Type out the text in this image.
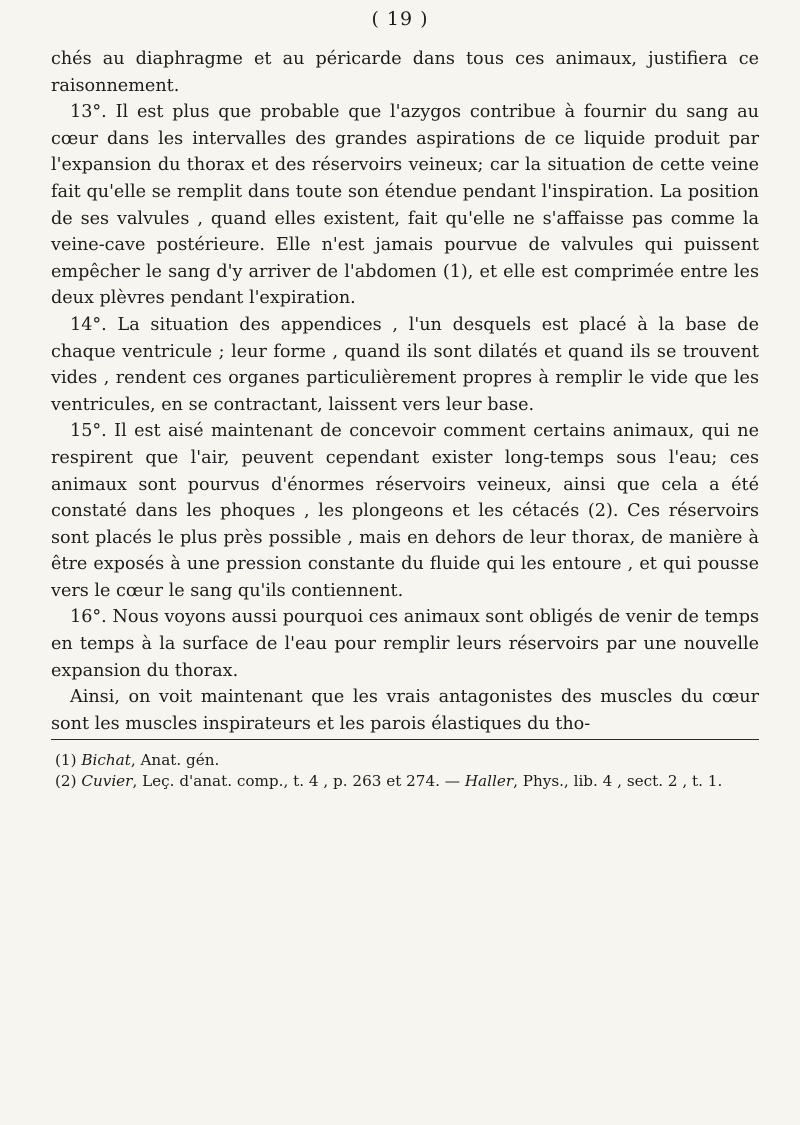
( 19 )

chés au diaphragme et au péricarde dans tous ces animaux, justifiera ce raisonnement.

13°. Il est plus que probable que l'azygos contribue à fournir du sang au cœur dans les intervalles des grandes aspirations de ce liquide produit par l'expansion du thorax et des réservoirs veineux; car la situation de cette veine fait qu'elle se remplit dans toute son étendue pendant l'inspiration. La position de ses valvules , quand elles existent, fait qu'elle ne s'affaisse pas comme la veine-cave postérieure. Elle n'est jamais pourvue de valvules qui puissent empêcher le sang d'y arriver de l'abdomen (1), et elle est comprimée entre les deux plèvres pendant l'expiration.

14°. La situation des appendices , l'un desquels est placé à la base de chaque ventricule ; leur forme , quand ils sont dilatés et quand ils se trouvent vides , rendent ces organes particulièrement propres à remplir le vide que les ventricules, en se contractant, laissent vers leur base.

15°. Il est aisé maintenant de concevoir comment certains animaux, qui ne respirent que l'air, peuvent cependant exister long-temps sous l'eau; ces animaux sont pourvus d'énormes réservoirs veineux, ainsi que cela a été constaté dans les phoques , les plongeons et les cétacés (2). Ces réservoirs sont placés le plus près possible , mais en dehors de leur thorax, de manière à être exposés à une pression constante du fluide qui les entoure , et qui pousse vers le cœur le sang qu'ils contiennent.

16°. Nous voyons aussi pourquoi ces animaux sont obligés de venir de temps en temps à la surface de l'eau pour remplir leurs réservoirs par une nouvelle expansion du thorax.

Ainsi, on voit maintenant que les vrais antagonistes des muscles du cœur sont les muscles inspirateurs et les parois élastiques du tho-

(1) Bichat, Anat. gén.

(2) Cuvier, Leç. d'anat. comp., t. 4 , p. 263 et 274. — Haller, Phys., lib. 4 , sect. 2 , t. 1.
